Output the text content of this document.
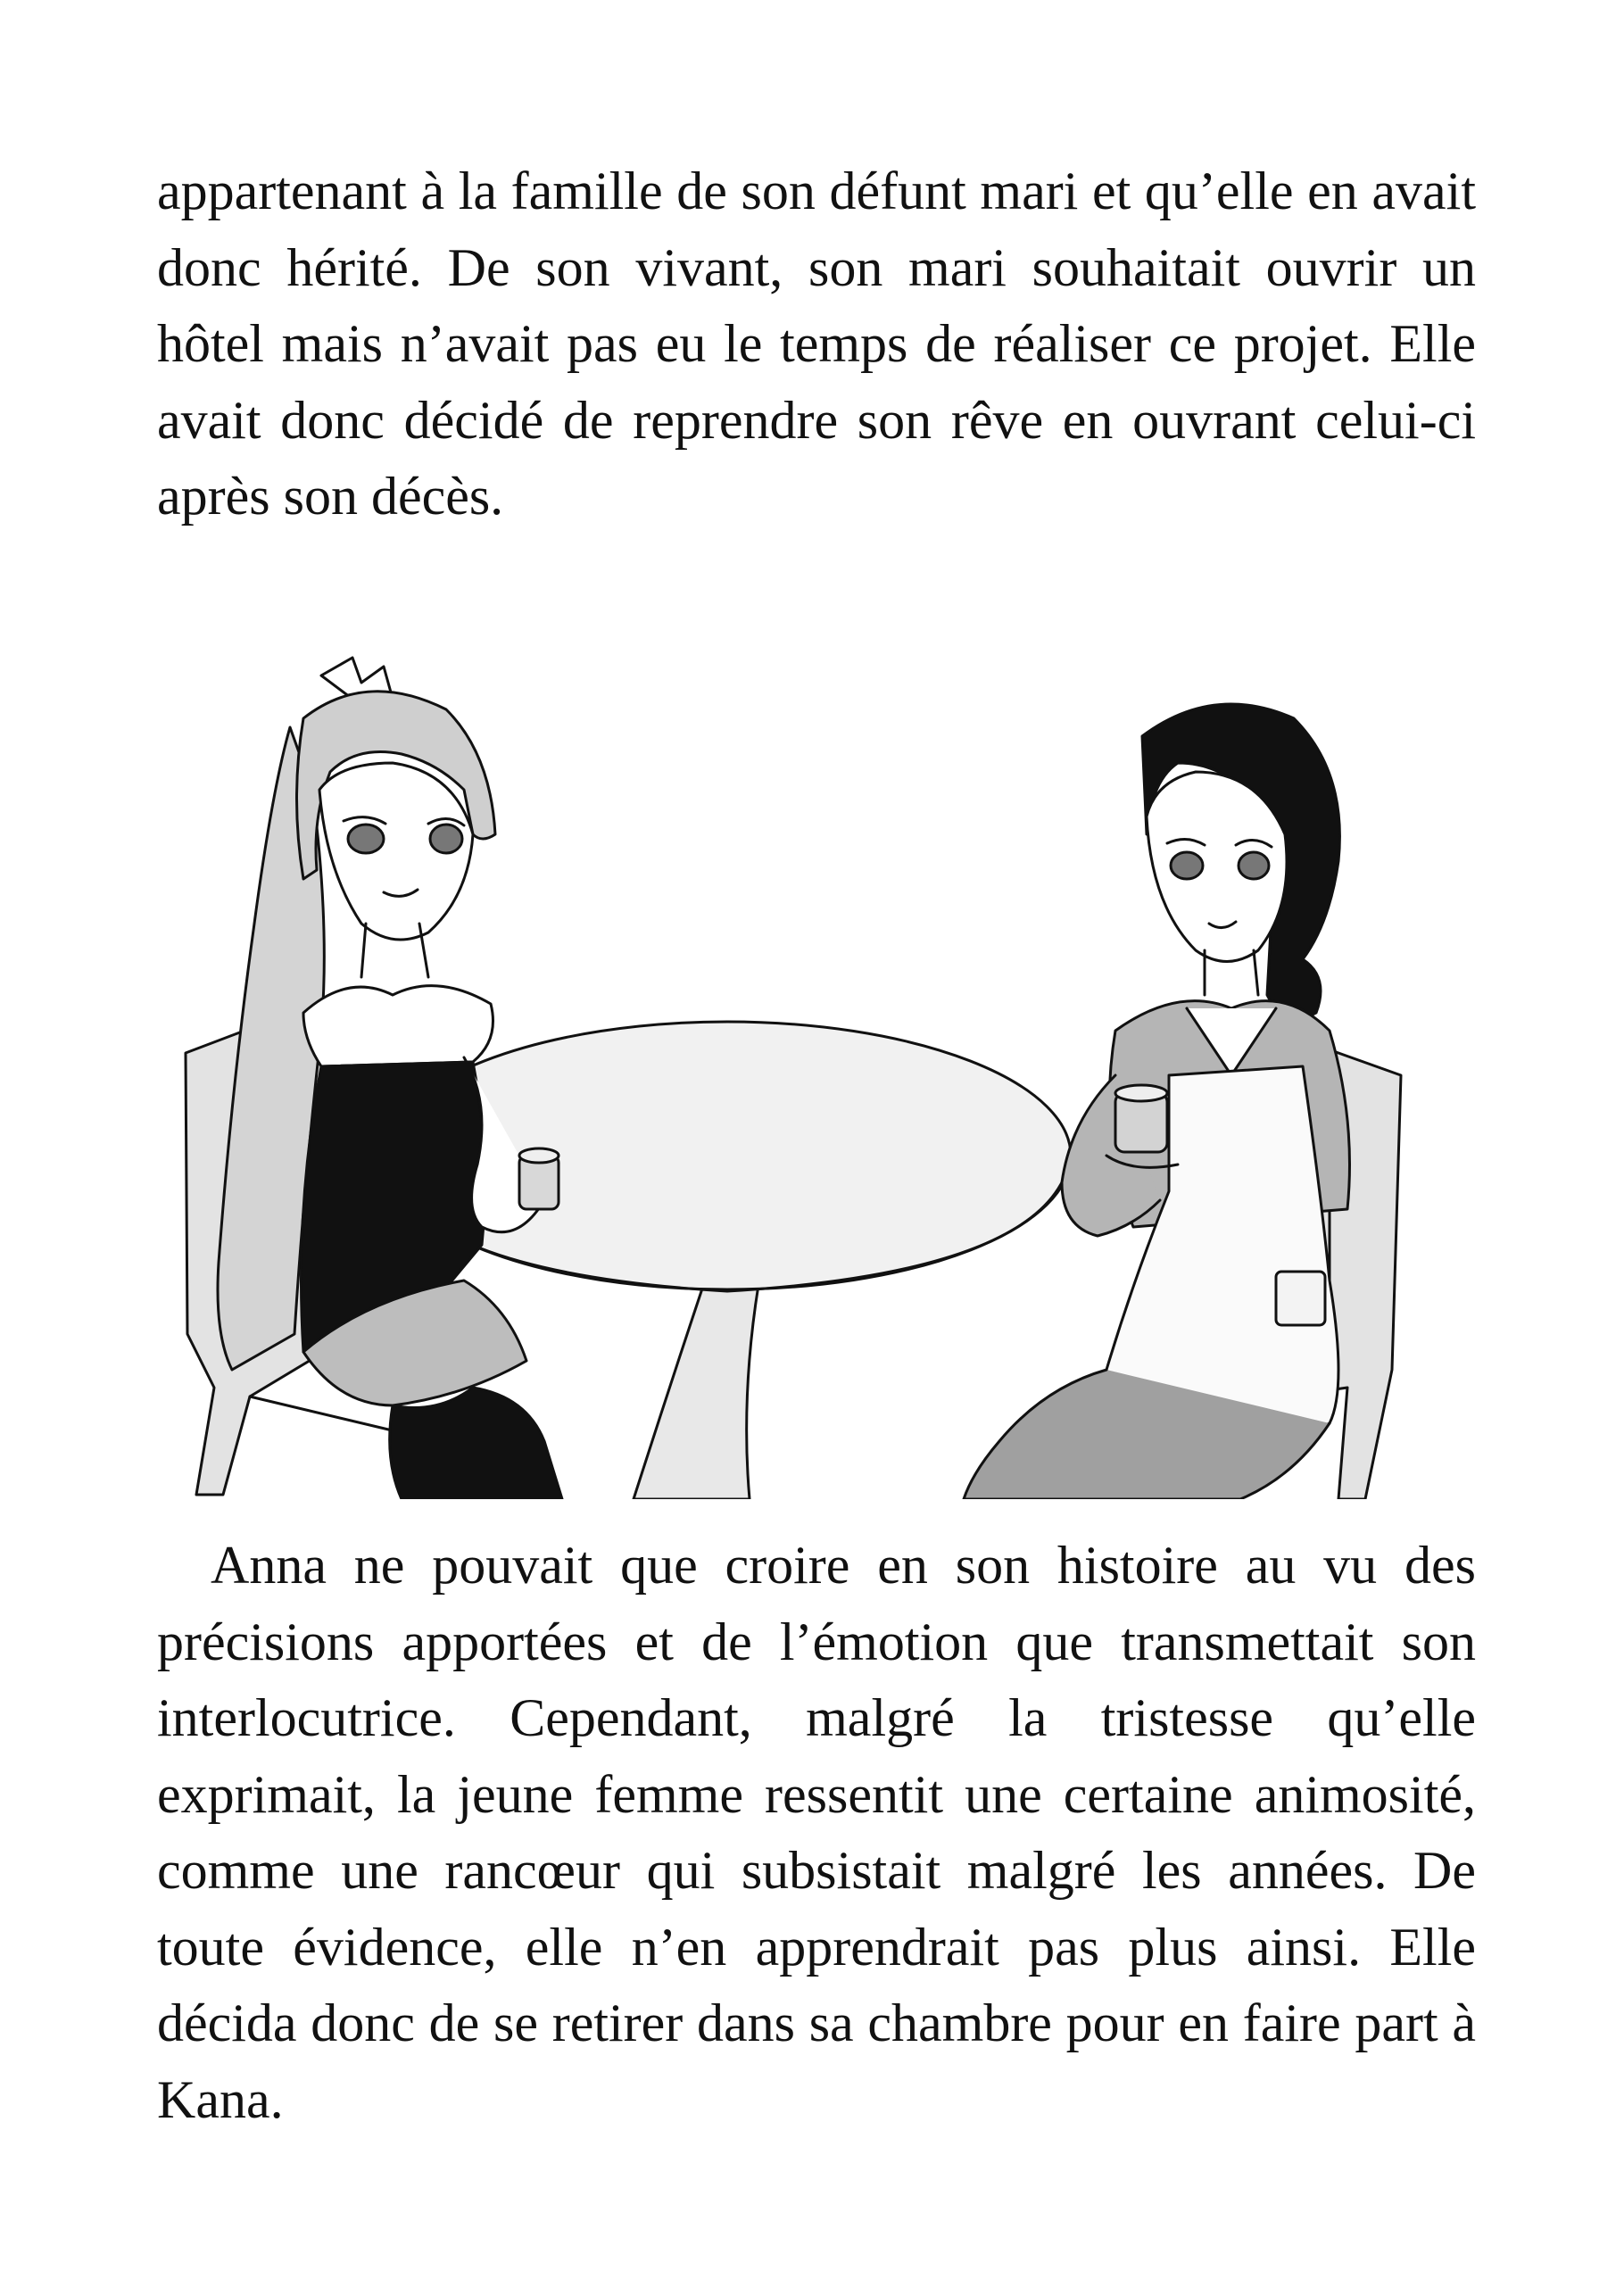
appartenant à la famille de son défunt mari et qu’elle en avait donc hérité. De son vivant, son mari souhaitait ouvrir un hôtel mais n’avait pas eu le temps de réaliser ce projet. Elle avait donc décidé de reprendre son rêve en ouvrant celui-ci après son décès.

Anna ne pouvait que croire en son histoire au vu des précisions apportées et de l’émotion que transmettait son interlocutrice. Cependant, malgré la tristesse qu’elle exprimait, la jeune femme ressentit une certaine animosité, comme une rancœur qui subsistait malgré les années. De toute évidence, elle n’en apprendrait pas plus ainsi. Elle décida donc de se retirer dans sa chambre pour en faire part à Kana.
